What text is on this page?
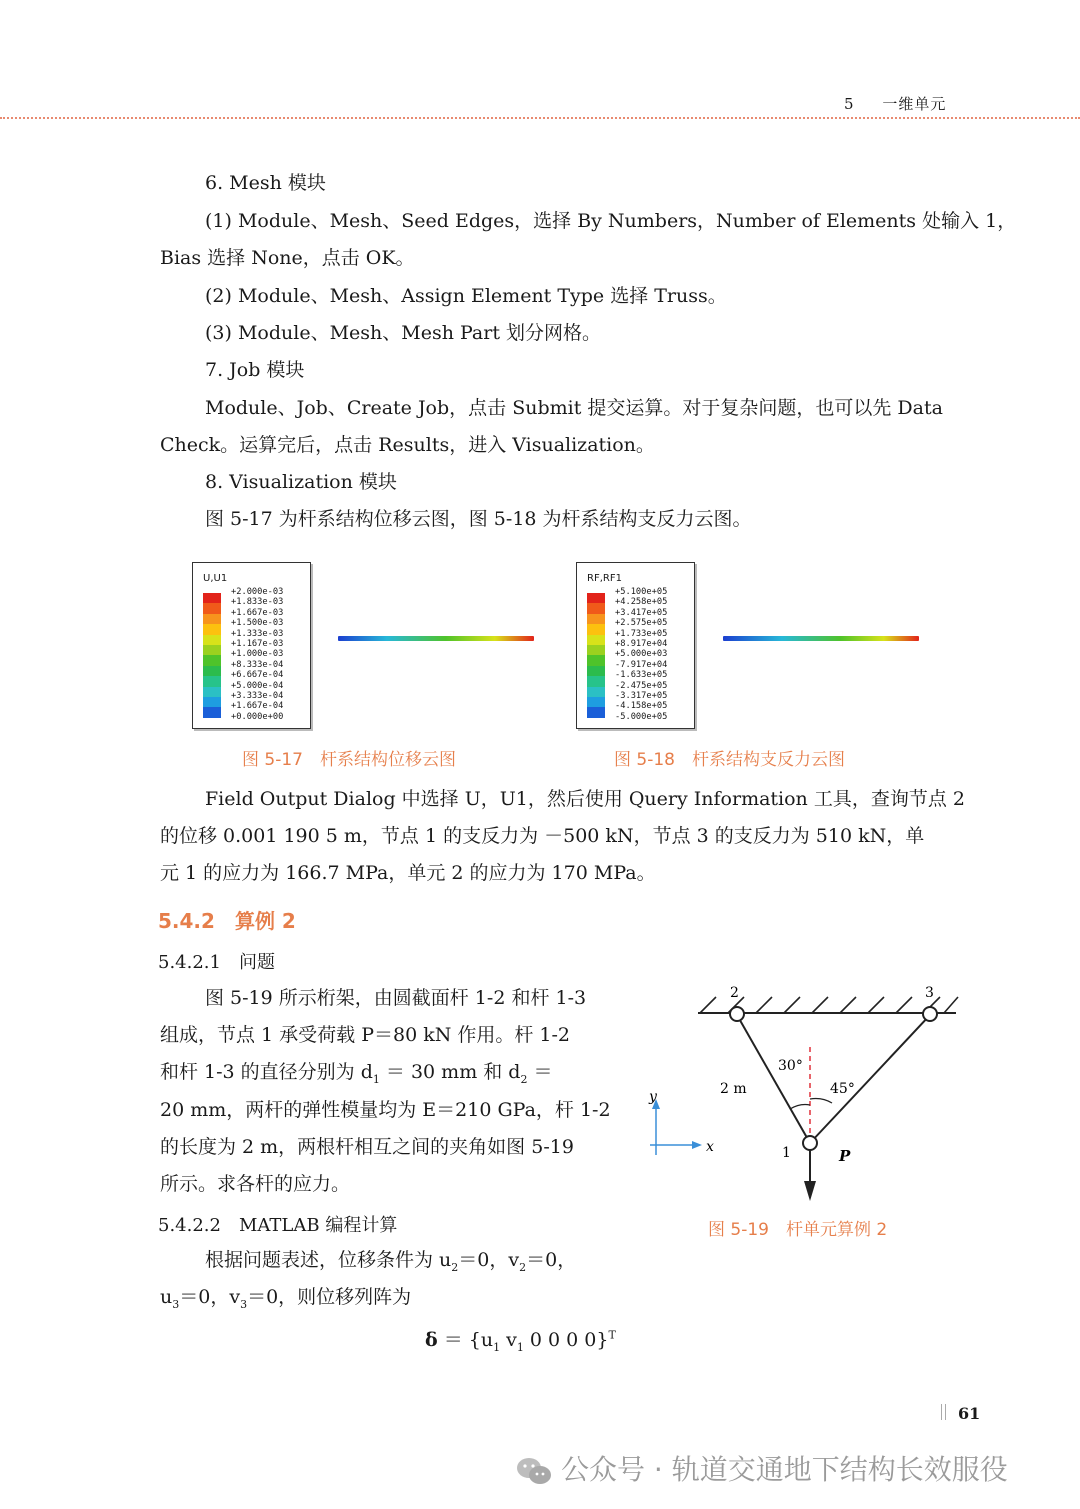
5 一维单元
6. Mesh 模块
(1) Module、Mesh、Seed Edges，选择 By Numbers，Number of Elements 处输入 1，
Bias 选择 None，点击 OK。
(2) Module、Mesh、Assign Element Type 选择 Truss。
(3) Module、Mesh、Mesh Part 划分网格。
7. Job 模块
Module、Job、Create Job，点击 Submit 提交运算。对于复杂问题，也可以先 Data
Check。运算完后，点击 Results，进入 Visualization。
8. Visualization 模块
图 5-17 为杆系结构位移云图，图 5-18 为杆系结构支反力云图。
U,U1
+2.000e-03
+1.833e-03
+1.667e-03
+1.500e-03
+1.333e-03
+1.167e-03
+1.000e-03
+8.333e-04
+6.667e-04
+5.000e-04
+3.333e-04
+1.667e-04
+0.000e+00
图 5-17　杆系结构位移云图
RF,RF1
+5.100e+05
+4.258e+05
+3.417e+05
+2.575e+05
+1.733e+05
+8.917e+04
+5.000e+03
-7.917e+04
-1.633e+05
-2.475e+05
-3.317e+05
-4.158e+05
-5.000e+05
图 5-18　杆系结构支反力云图
Field Output Dialog 中选择 U，U1，然后使用 Query Information 工具，查询节点 2
的位移 0.001 190 5 m，节点 1 的支反力为 －500 kN，节点 3 的支反力为 510 kN，单
元 1 的应力为 166.7 MPa，单元 2 的应力为 170 MPa。
5.4.2　算例 2
5.4.2.1　问题
图 5-19 所示桁架，由圆截面杆 1-2 和杆 1-3
组成，节点 1 承受荷载 P＝80 kN 作用。杆 1-2
和杆 1-3 的直径分别为 $d_1 = 30$ mm 和 $d_2$ ＝
20 mm，两杆的弹性模量均为 E＝210 GPa，杆 1-2
的长度为 2 m，两根杆相互之间的夹角如图 5-19
所示。求各杆的应力。
5.4.2.2　MATLAB 编程计算
根据问题表述，位移条件为 $u_2=0$，$v_2=0$，
$u_3=0$，$v_3=0$，则位移列阵为
$\delta = \{u_1$ $v_1$ 0 0 0 0}$^T$
2	3
1
30°
45°
2 m
P
x
y
图 5-19　杆单元算例 2
61
公众号 · 轨道交通地下结构长效服役
